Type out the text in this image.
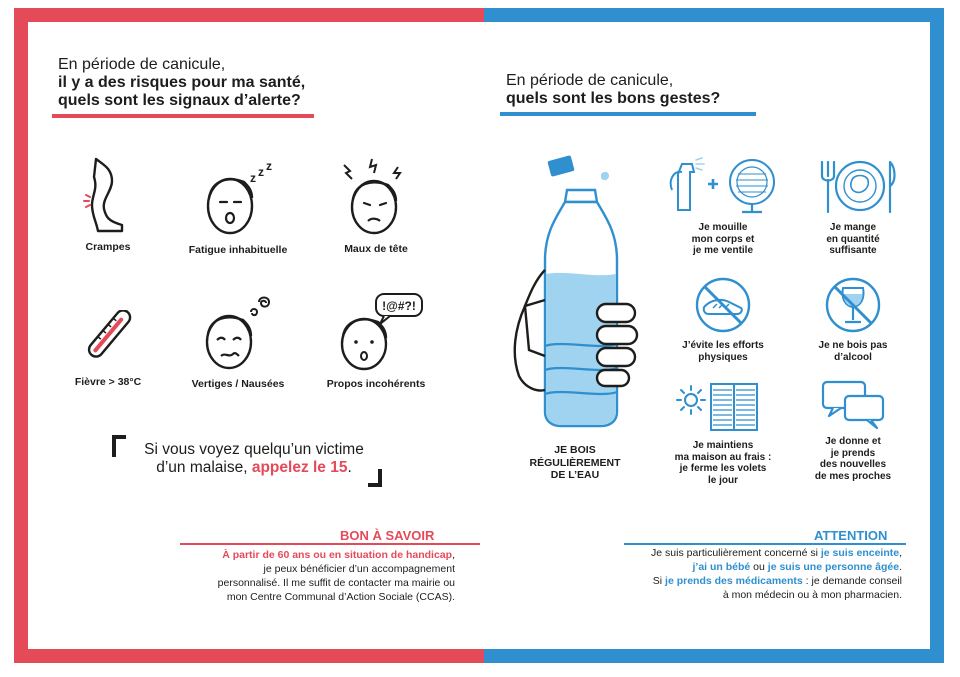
En période de canicule,
il y a des risques pour ma santé,
quels sont les signaux d’alerte?
Crampes
z z z
Fatigue inhabituelle	Maux de tête
Fièvre > 38°C	Vertiges / Nausées
!@#?!
Propos incohérents

Si vous voyez quelqu’un victime
d’un malaise, appelez le 15.

BON À SAVOIR
À partir de 60 ans ou en situation de handicap,
je peux bénéficier d’un accompagnement
personnalisé. Il me suffit de contacter ma mairie ou
mon Centre Communal d’Action Sociale (CCAS).
En période de canicule,
quels sont les bons gestes?
JE BOIS
RÉGULIÈREMENT
DE L’EAU
Je mouille
mon corps et
je me ventile
Je mange
en quantité
suffisante
J’évite les efforts
physiques
Je ne bois pas
d’alcool
Je maintiens
ma maison au frais :
je ferme les volets
le jour
Je donne et
je prends
des nouvelles
de mes proches
ATTENTION
Je suis particulièrement concerné si je suis enceinte,
j’ai un bébé ou je suis une personne âgée.
Si je prends des médicaments : je demande conseil
à mon médecin ou à mon pharmacien.
